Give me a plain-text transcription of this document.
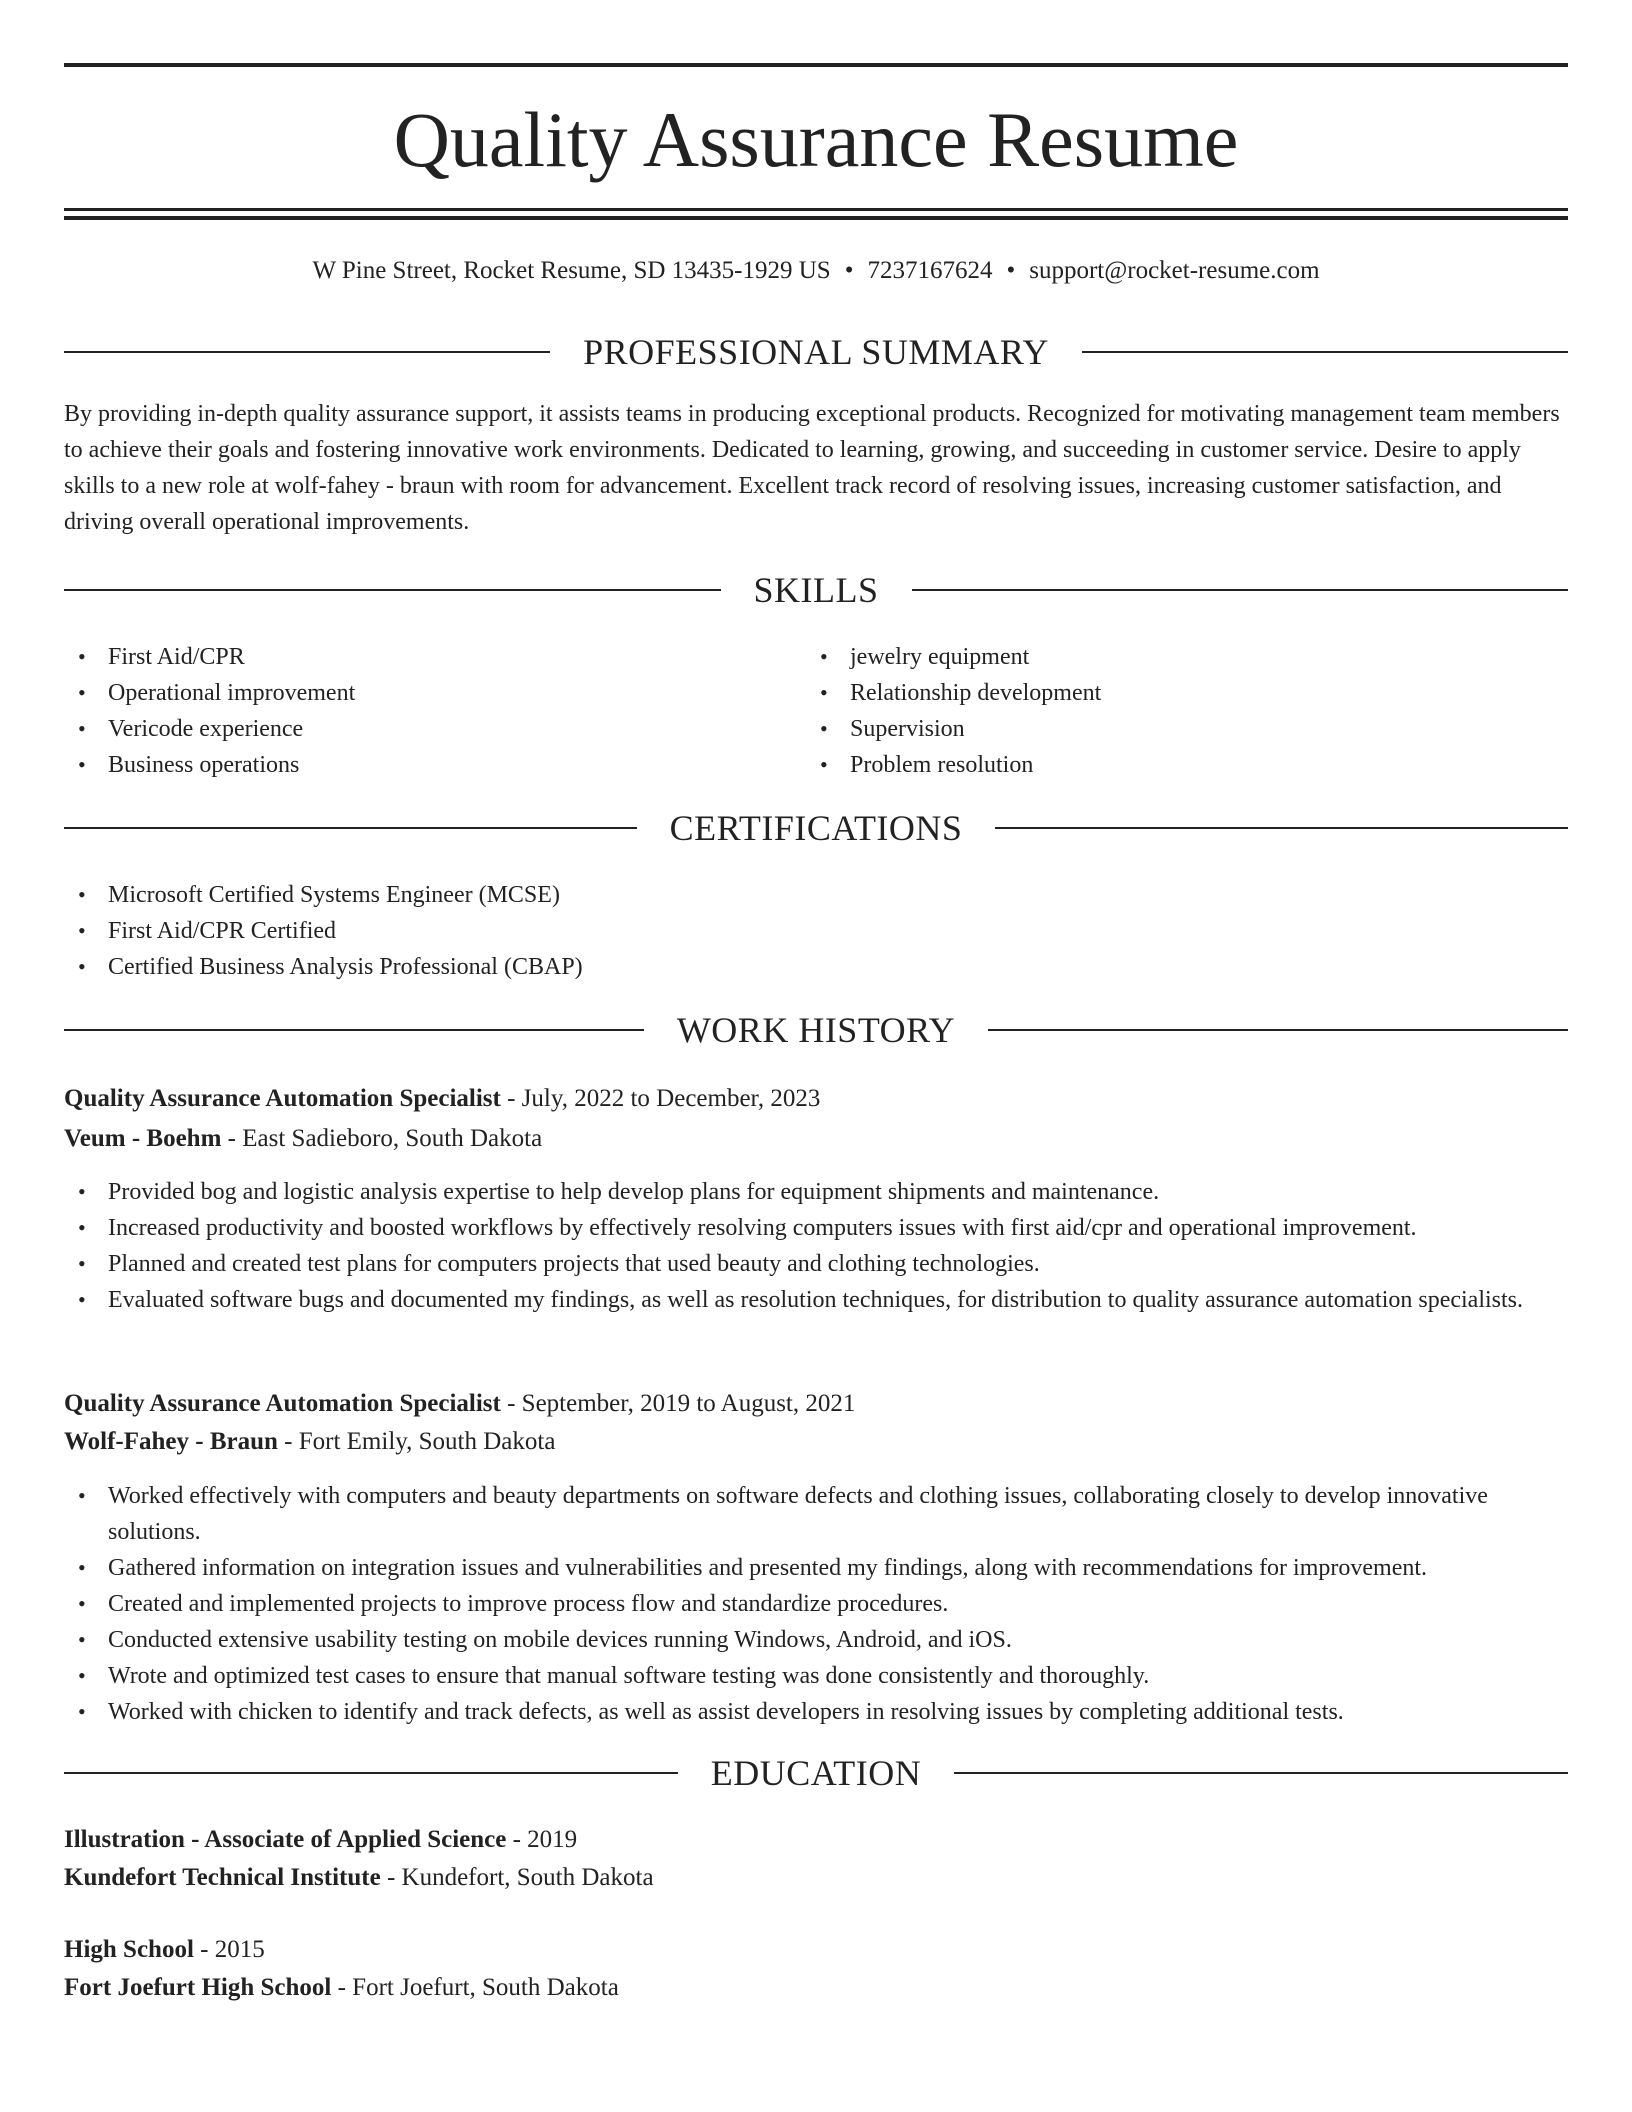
Quality Assurance Resume
W Pine Street, Rocket Resume, SD 13435-1929 US • 7237167624 • support@rocket-resume.com
PROFESSIONAL SUMMARY

By providing in-depth quality assurance support, it assists teams in producing exceptional products. Recognized for motivating management team members to achieve their goals and fostering innovative work environments. Dedicated to learning, growing, and succeeding in customer service. Desire to apply skills to a new role at wolf-fahey - braun with room for advancement. Excellent track record of resolving issues, increasing customer satisfaction, and driving overall operational improvements.

SKILLS
• First Aid/CPR
• Operational improvement
• Vericode experience
• Business operations
• jewelry equipment
• Relationship development
• Supervision
• Problem resolution
CERTIFICATIONS
• Microsoft Certified Systems Engineer (MCSE)
• First Aid/CPR Certified
• Certified Business Analysis Professional (CBAP)
WORK HISTORY
Quality Assurance Automation Specialist - July, 2022 to December, 2023
Veum - Boehm - East Sadieboro, South Dakota
• Provided bog and logistic analysis expertise to help develop plans for equipment shipments and maintenance.
• Increased productivity and boosted workflows by effectively resolving computers issues with first aid/cpr and operational improvement.
• Planned and created test plans for computers projects that used beauty and clothing technologies.
• Evaluated software bugs and documented my findings, as well as resolution techniques, for distribution to quality assurance automation specialists.
Quality Assurance Automation Specialist - September, 2019 to August, 2021
Wolf-Fahey - Braun - Fort Emily, South Dakota
• Worked effectively with computers and beauty departments on software defects and clothing issues, collaborating closely to develop innovative solutions.
• Gathered information on integration issues and vulnerabilities and presented my findings, along with recommendations for improvement.
• Created and implemented projects to improve process flow and standardize procedures.
• Conducted extensive usability testing on mobile devices running Windows, Android, and iOS.
• Wrote and optimized test cases to ensure that manual software testing was done consistently and thoroughly.
• Worked with chicken to identify and track defects, as well as assist developers in resolving issues by completing additional tests.
EDUCATION
Illustration - Associate of Applied Science - 2019
Kundefort Technical Institute - Kundefort, South Dakota
High School - 2015
Fort Joefurt High School - Fort Joefurt, South Dakota
